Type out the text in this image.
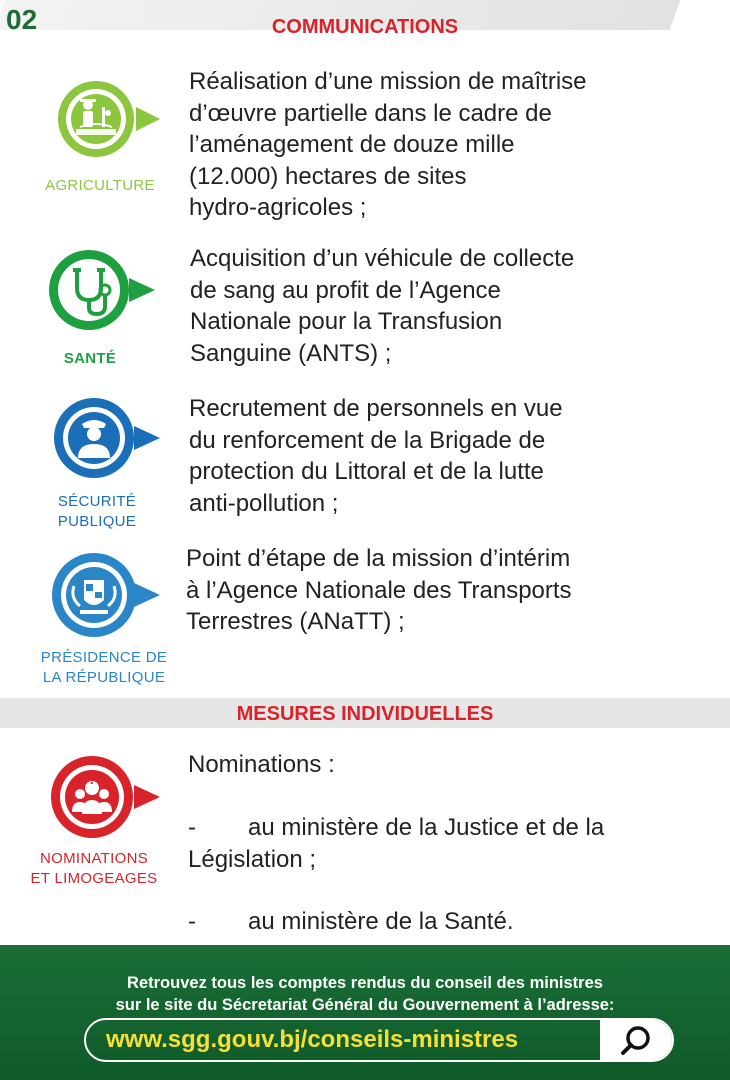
02	COMMUNICATIONS
AGRICULTURE
Réalisation d’une mission de maîtrise
d’œuvre partielle dans le cadre de
l’aménagement de douze mille
(12.000) hectares de sites
hydro-agricoles ;
SANTÉ
Acquisition d’un véhicule de collecte
de sang au profit de l’Agence
Nationale pour la Transfusion
Sanguine (ANTS) ;
SÉCURITÉ
PUBLIQUE
Recrutement de personnels en vue
du renforcement de la Brigade de
protection du Littoral et de la lutte
anti-pollution ;
PRÉSIDENCE DE
LA RÉPUBLIQUE
Point d’étape de la mission d’intérim
à l’Agence Nationale des Transports
Terrestres (ANaTT) ;
MESURES INDIVIDUELLES
?
NOMINATIONS
ET LIMOGEAGES
Nominations :
-	au ministère de la Justice et de la
Législation ;
-	au ministère de la Santé.
Retrouvez tous les comptes rendus du conseil des ministres
sur le site du Sécretariat Général du Gouvernement à l’adresse:
www.sgg.gouv.bj/conseils-ministres
